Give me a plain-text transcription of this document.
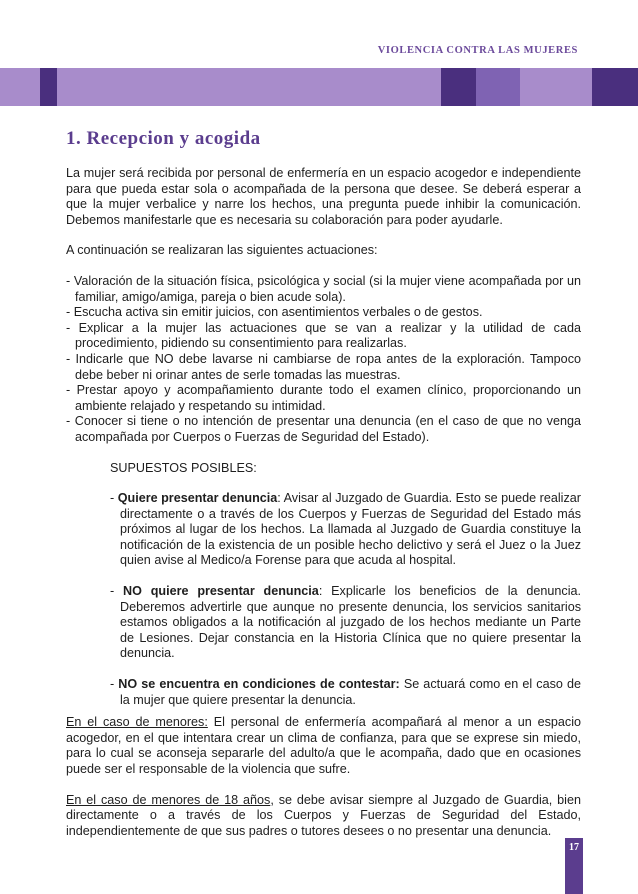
VIOLENCIA CONTRA LAS MUJERES
1. Recepcion y acogida

La mujer será recibida por personal de enfermería en un espacio acogedor e independiente para que pueda estar sola o acompañada de la persona que desee. Se deberá esperar a que la mujer verbalice y narre los hechos, una pregunta puede inhibir la comunicación. Debemos manifestarle que es necesaria su colaboración para poder ayudarle.

A continuación se realizaran las siguientes actuaciones:

- Valoración de la situación física, psicológica y social (si la mujer viene acompañada por un familiar, amigo/amiga, pareja o bien acude sola).

- Escucha activa sin emitir juicios, con asentimientos verbales o de gestos.

- Explicar a la mujer las actuaciones que se van a realizar y la utilidad de cada procedimiento, pidiendo su consentimiento para realizarlas.

- Indicarle que NO debe lavarse ni cambiarse de ropa antes de la exploración. Tampoco debe beber ni orinar antes de serle tomadas las muestras.

- Prestar apoyo y acompañamiento durante todo el examen clínico, proporcionando un ambiente relajado y respetando su intimidad.

- Conocer si tiene o no intención de presentar una denuncia (en el caso de que no venga acompañada por Cuerpos o Fuerzas de Seguridad del Estado).

SUPUESTOS POSIBLES:

- Quiere presentar denuncia: Avisar al Juzgado de Guardia. Esto se puede realizar directamente o a través de los Cuerpos y Fuerzas de Seguridad del Estado más próximos al lugar de los hechos. La llamada al Juzgado de Guardia constituye la notificación de la existencia de un posible hecho delictivo y será el Juez o la Juez quien avise al Medico/a Forense para que acuda al hospital.

- NO quiere presentar denuncia: Explicarle los beneficios de la denuncia. Deberemos advertirle que aunque no presente denuncia, los servicios sanitarios estamos obligados a la notificación al juzgado de los hechos mediante un Parte de Lesiones. Dejar constancia en la Historia Clínica que no quiere presentar la denuncia.

- NO se encuentra en condiciones de contestar: Se actuará como en el caso de la mujer que quiere presentar la denuncia.

En el caso de menores: El personal de enfermería acompañará al menor a un espacio acogedor, en el que intentara crear un clima de confianza, para que se exprese sin miedo, para lo cual se aconseja separarle del adulto/a que le acompaña, dado que en ocasiones puede ser el responsable de la violencia que sufre.

En el caso de menores de 18 años, se debe avisar siempre al Juzgado de Guardia, bien directamente o a través de los Cuerpos y Fuerzas de Seguridad del Estado, independientemente de que sus padres o tutores desees o no presentar una denuncia.

17
